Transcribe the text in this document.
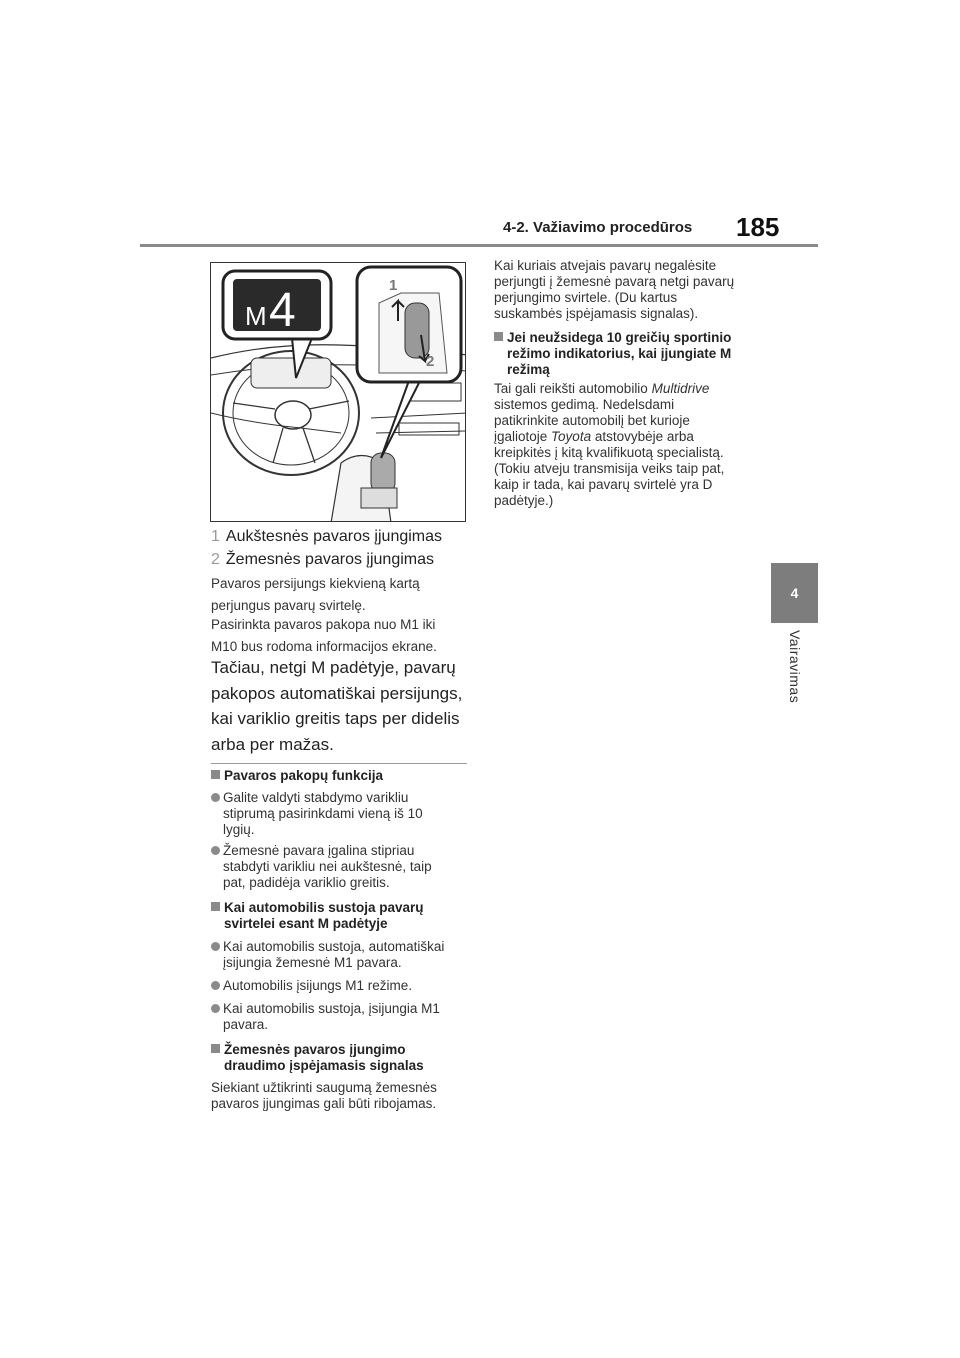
4-2. Važiavimo procedūros 185
4
Vairavimas
M 4	1
2
1 Aukštesnės pavaros įjungimas
2 Žemesnės pavaros įjungimas
Pavaros persijungs kiekvieną kartą
perjungus pavarų svirtelę.
Pasirinkta pavaros pakopa nuo M1 iki
M10 bus rodoma informacijos ekrane.
Tačiau, netgi M padėtyje, pavarų
pakopos automatiškai persijungs,
kai variklio greitis taps per didelis
arba per mažas.
Pavaros pakopų funkcija
Galite valdyti stabdymo varikliu
stiprumą pasirinkdami vieną iš 10
lygių.
Žemesnė pavara įgalina stipriau
stabdyti varikliu nei aukštesnė, taip
pat, padidėja variklio greitis.
Kai automobilis sustoja pavarų
svirtelei esant M padėtyje
Kai automobilis sustoja, automatiškai
įsijungia žemesnė M1 pavara.
Automobilis įsijungs M1 režime.
Kai automobilis sustoja, įsijungia M1
pavara.
Žemesnės pavaros įjungimo
draudimo įspėjamasis signalas
Siekiant užtikrinti saugumą žemesnės
pavaros įjungimas gali būti ribojamas.
Kai kuriais atvejais pavarų negalėsite
perjungti į žemesnė pavarą netgi pavarų
perjungimo svirtele. (Du kartus
suskambės įspėjamasis signalas).
Jei neužsidega 10 greičių sportinio
režimo indikatorius, kai įjungiate M
režimą
Tai gali reikšti automobilio Multidrive
sistemos gedimą. Nedelsdami
patikrinkite automobilį bet kurioje
įgaliotoje Toyota atstovybėje arba
kreipkitės į kitą kvalifikuotą specialistą.
(Tokiu atveju transmisija veiks taip pat,
kaip ir tada, kai pavarų svirtelė yra D
padėtyje.)
